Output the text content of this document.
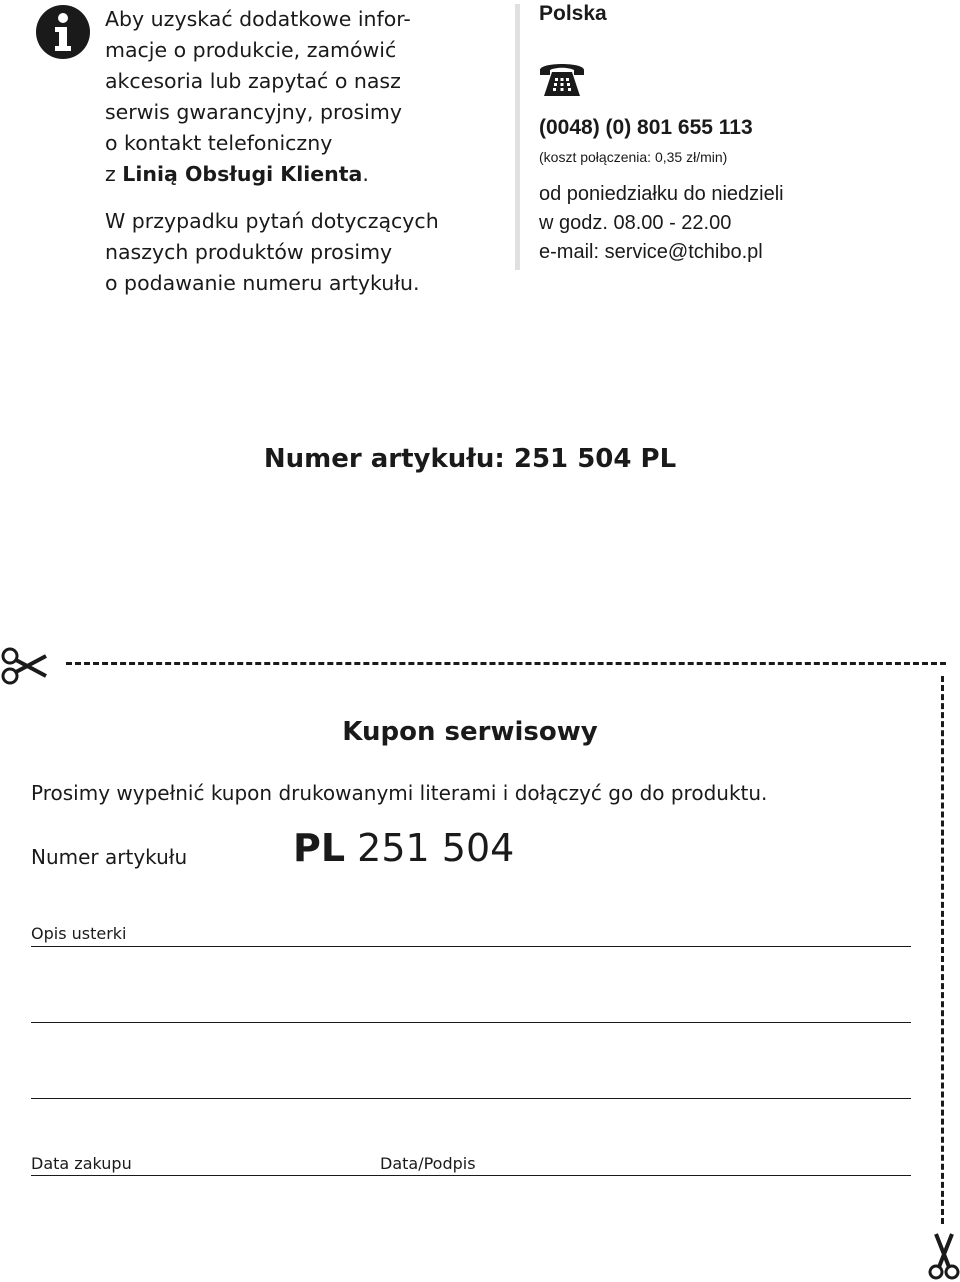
Aby uzyskać dodatkowe infor-
macje o produkcie, zamówić
akcesoria lub zapytać o nasz
serwis gwarancyjny, prosimy
o kontakt telefoniczny
z Linią Obsługi Klienta.

W przypadku pytań dotyczących
naszych produktów prosimy
o podawanie numeru artykułu.

Polska
(0048) (0) 801 655 113
(koszt połączenia: 0,35 zł/min)
od poniedziałku do niedzieli
w godz. 08.00 - 22.00
e-mail: service@tchibo.pl
Numer artykułu: 251 504 PL
Kupon serwisowy
Prosimy wypełnić kupon drukowanymi literami i dołączyć go do produktu.
Numer artykułu	PL 251 504
Opis usterki
Data zakupu	Data/Podpis
